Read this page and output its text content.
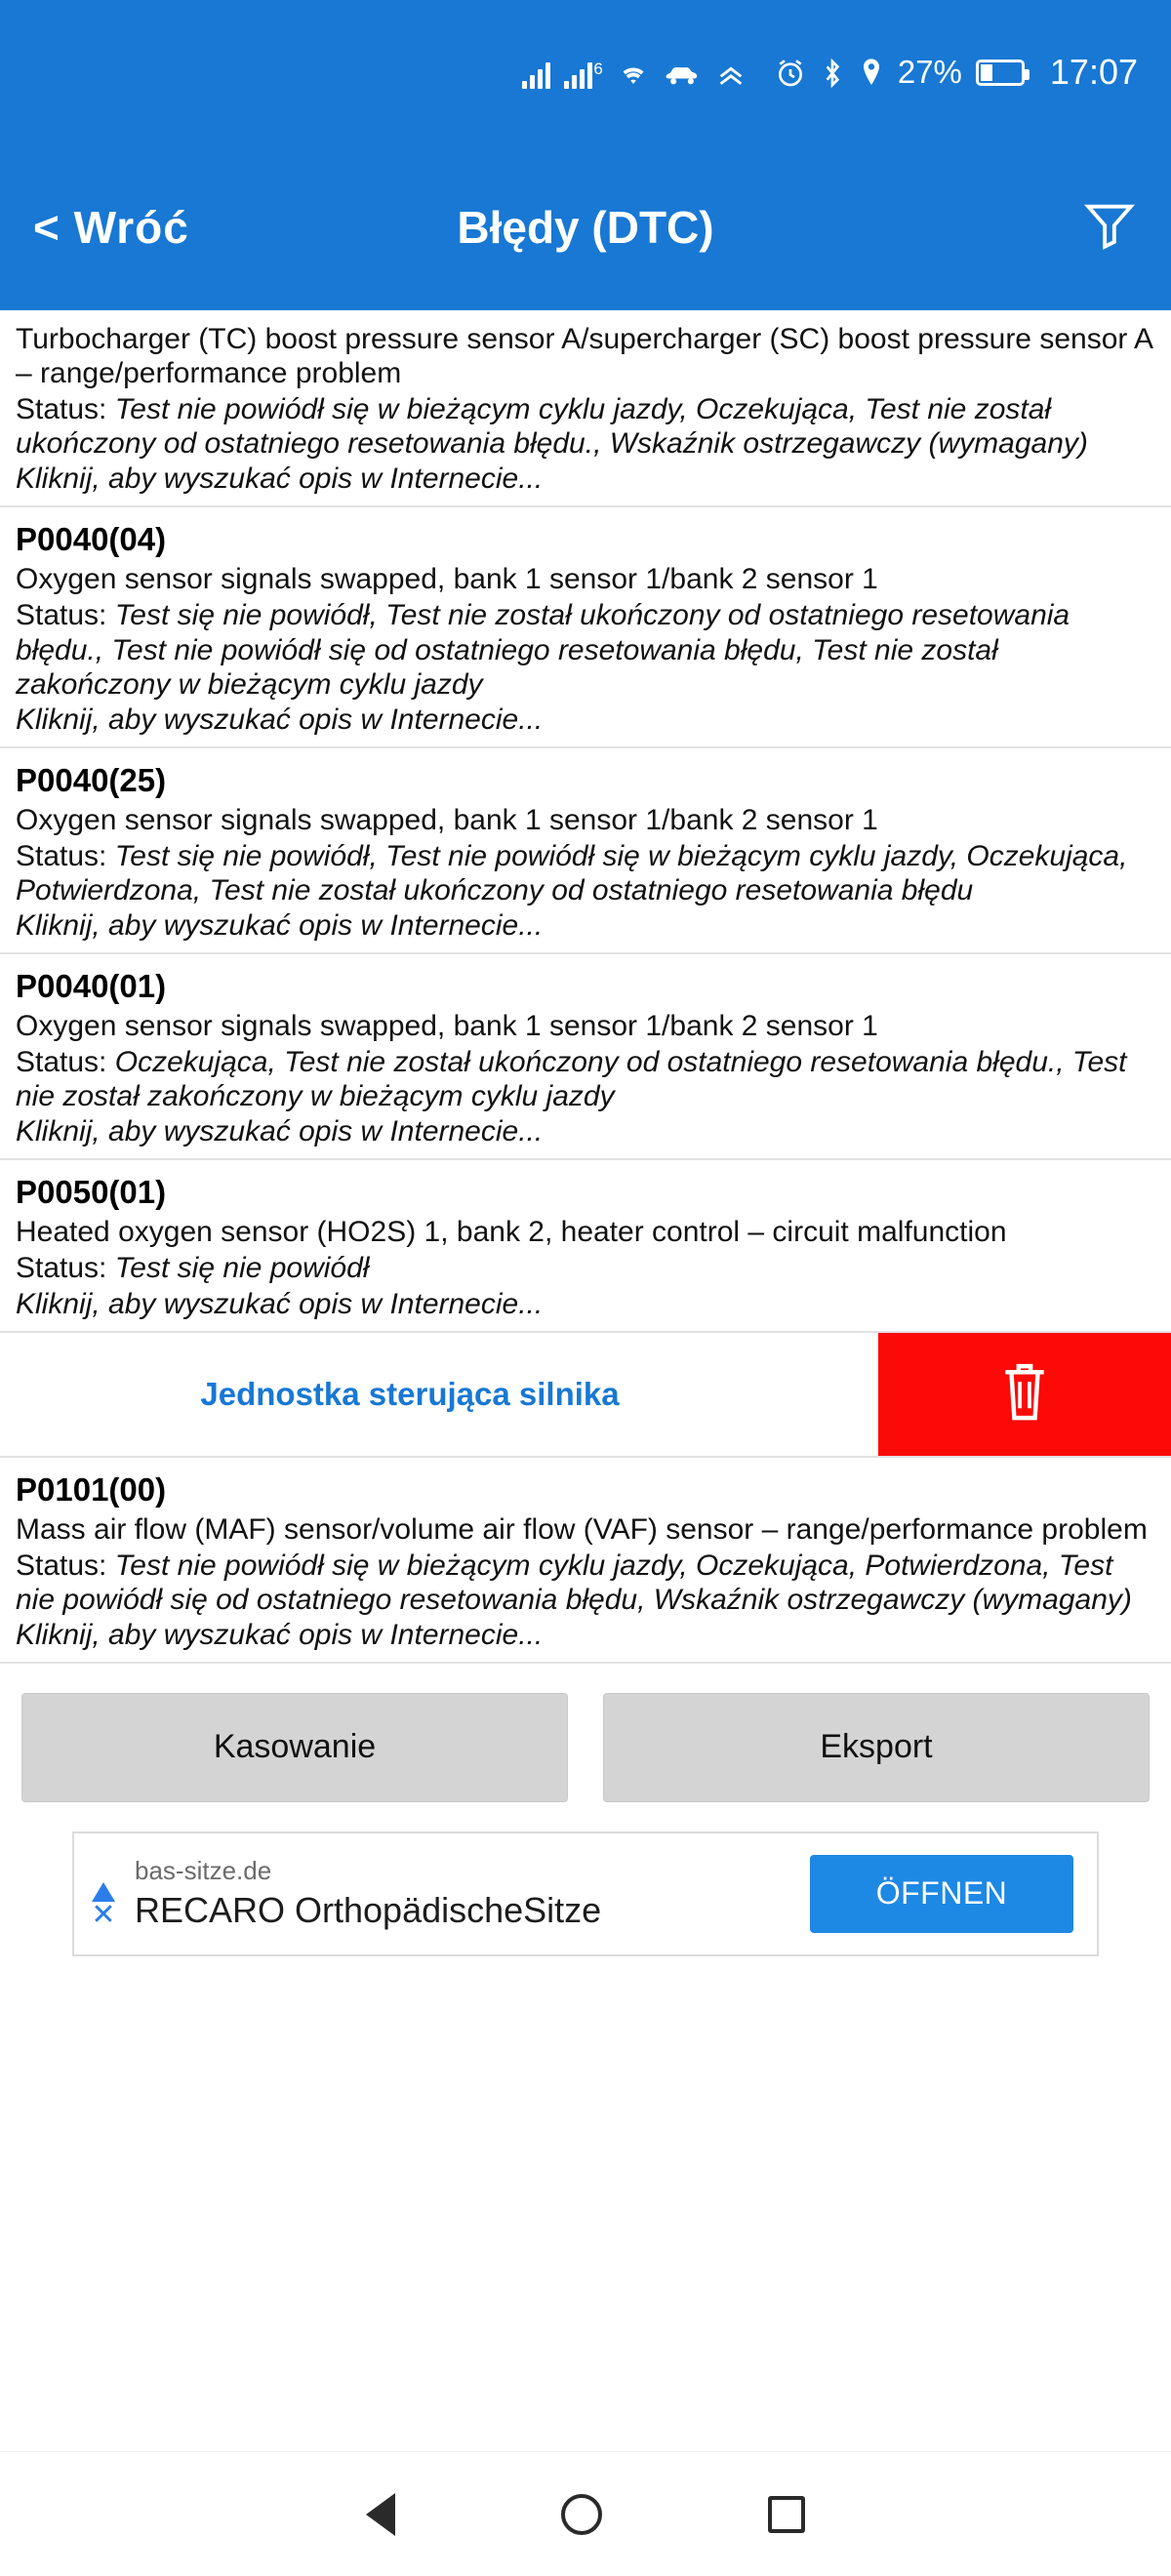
6	27%	17:07
< Wróć	Błędy (DTC)
Turbocharger (TC) boost pressure sensor A/supercharger (SC) boost pressure sensor A – range/performance problem
Status: Test nie powiódł się w bieżącym cyklu jazdy, Oczekująca, Test nie został ukończony od ostatniego resetowania błędu., Wskaźnik ostrzegawczy (wymagany)
Kliknij, aby wyszukać opis w Internecie...
P0040(04)
Oxygen sensor signals swapped, bank 1 sensor 1/bank 2 sensor 1
Status: Test się nie powiódł, Test nie został ukończony od ostatniego resetowania błędu., Test nie powiódł się od ostatniego resetowania błędu, Test nie został zakończony w bieżącym cyklu jazdy
Kliknij, aby wyszukać opis w Internecie...
P0040(25)
Oxygen sensor signals swapped, bank 1 sensor 1/bank 2 sensor 1
Status: Test się nie powiódł, Test nie powiódł się w bieżącym cyklu jazdy, Oczekująca, Potwierdzona, Test nie został ukończony od ostatniego resetowania błędu
Kliknij, aby wyszukać opis w Internecie...
P0040(01)
Oxygen sensor signals swapped, bank 1 sensor 1/bank 2 sensor 1
Status: Oczekująca, Test nie został ukończony od ostatniego resetowania błędu., Test nie został zakończony w bieżącym cyklu jazdy
Kliknij, aby wyszukać opis w Internecie...
P0050(01)
Heated oxygen sensor (HO2S) 1, bank 2, heater control – circuit malfunction
Status: Test się nie powiódł
Kliknij, aby wyszukać opis w Internecie...
Jednostka sterująca silnika
P0101(00)
Mass air flow (MAF) sensor/volume air flow (VAF) sensor – range/performance problem
Status: Test nie powiódł się w bieżącym cyklu jazdy, Oczekująca, Potwierdzona, Test nie powiódł się od ostatniego resetowania błędu, Wskaźnik ostrzegawczy (wymagany)
Kliknij, aby wyszukać opis w Internecie...
Kasowanie	Eksport
✕
bas-sitze.de
RECARO OrthopädischeSitze	ÖFFNEN
